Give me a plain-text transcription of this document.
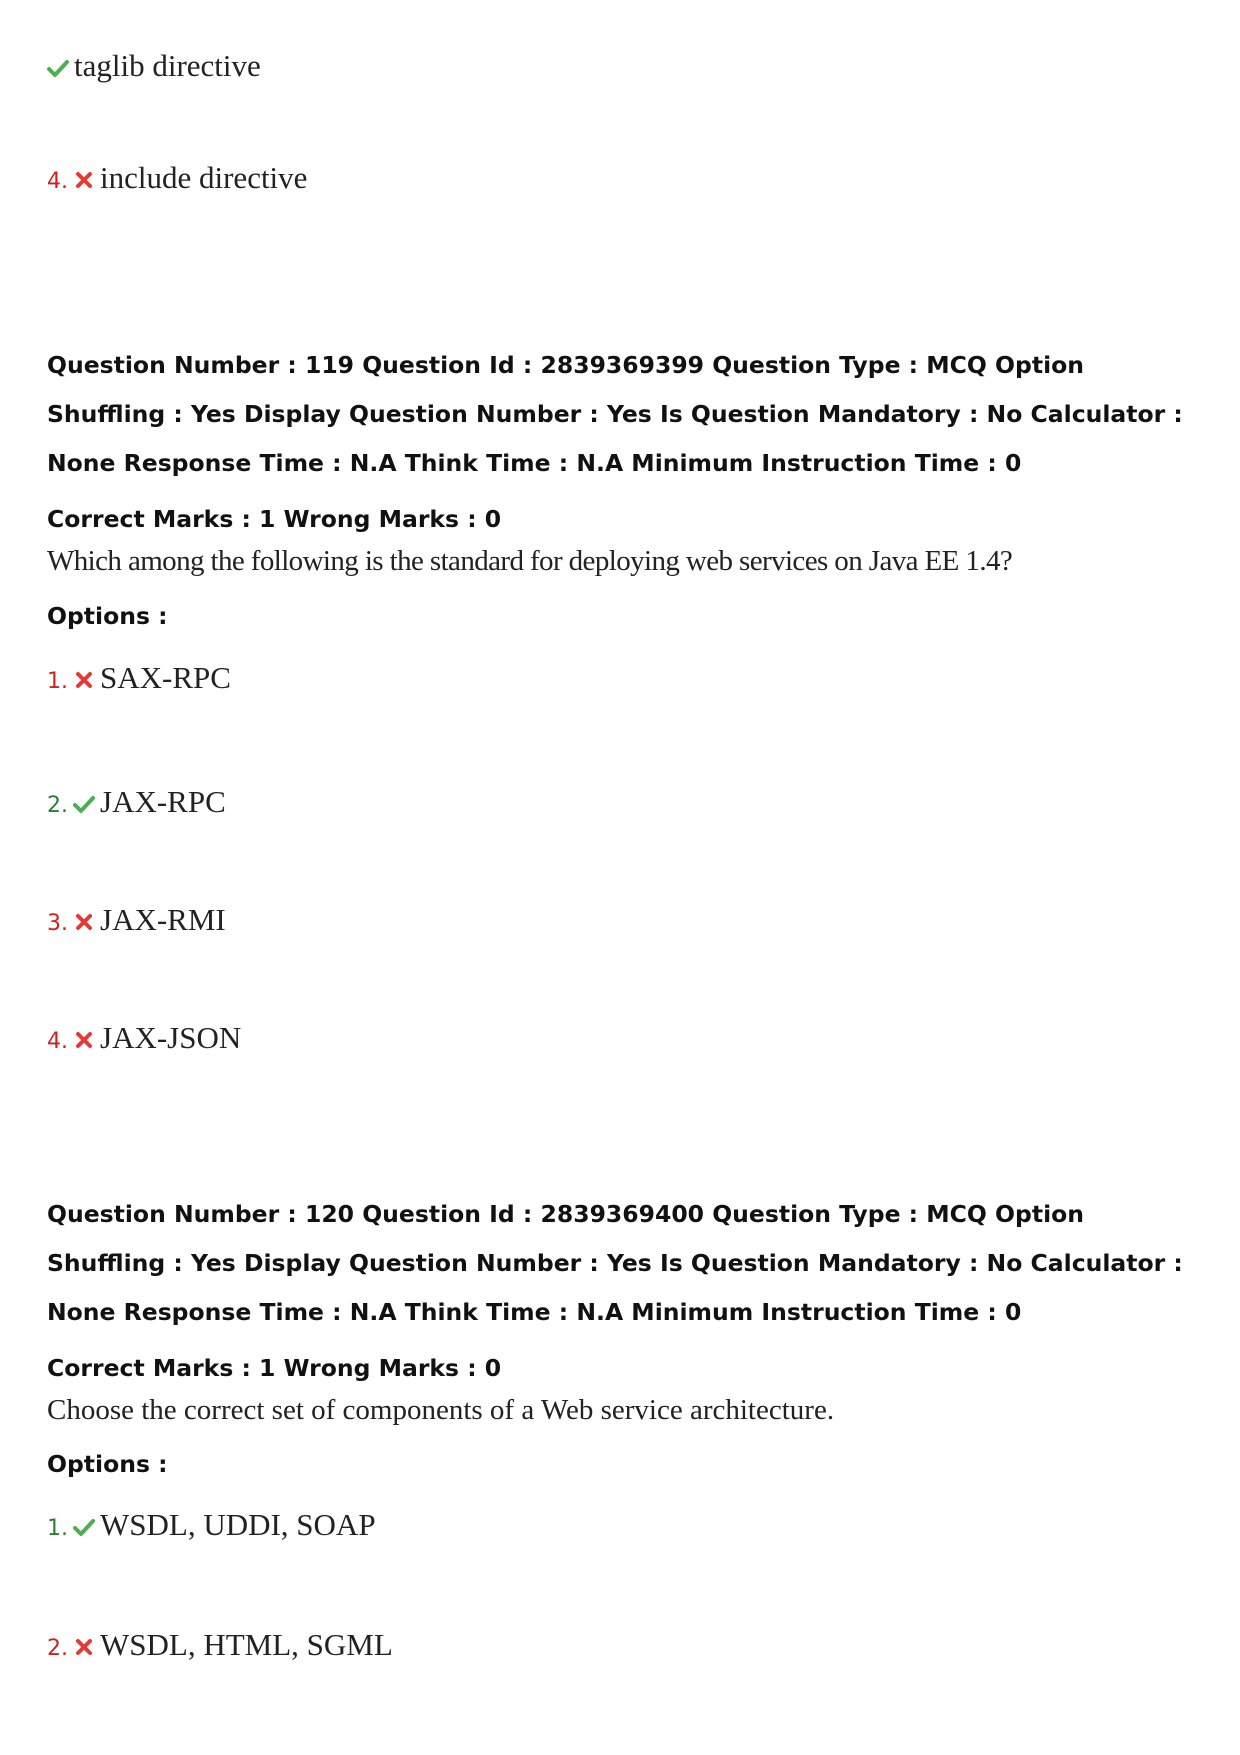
taglib directive
4. include directive
Question Number : 119 Question Id : 2839369399 Question Type : MCQ Option Shuffling : Yes Display Question Number : Yes Is Question Mandatory : No Calculator : None Response Time : N.A Think Time : N.A Minimum Instruction Time : 0
Correct Marks : 1 Wrong Marks : 0
Which among the following is the standard for deploying web services on Java EE 1.4?
Options :
1. SAX-RPC
2. JAX-RPC
3. JAX-RMI
4. JAX-JSON
Question Number : 120 Question Id : 2839369400 Question Type : MCQ Option Shuffling : Yes Display Question Number : Yes Is Question Mandatory : No Calculator : None Response Time : N.A Think Time : N.A Minimum Instruction Time : 0
Correct Marks : 1 Wrong Marks : 0
Choose the correct set of components of a Web service architecture.
Options :
1. WSDL, UDDI, SOAP
2. WSDL, HTML, SGML
